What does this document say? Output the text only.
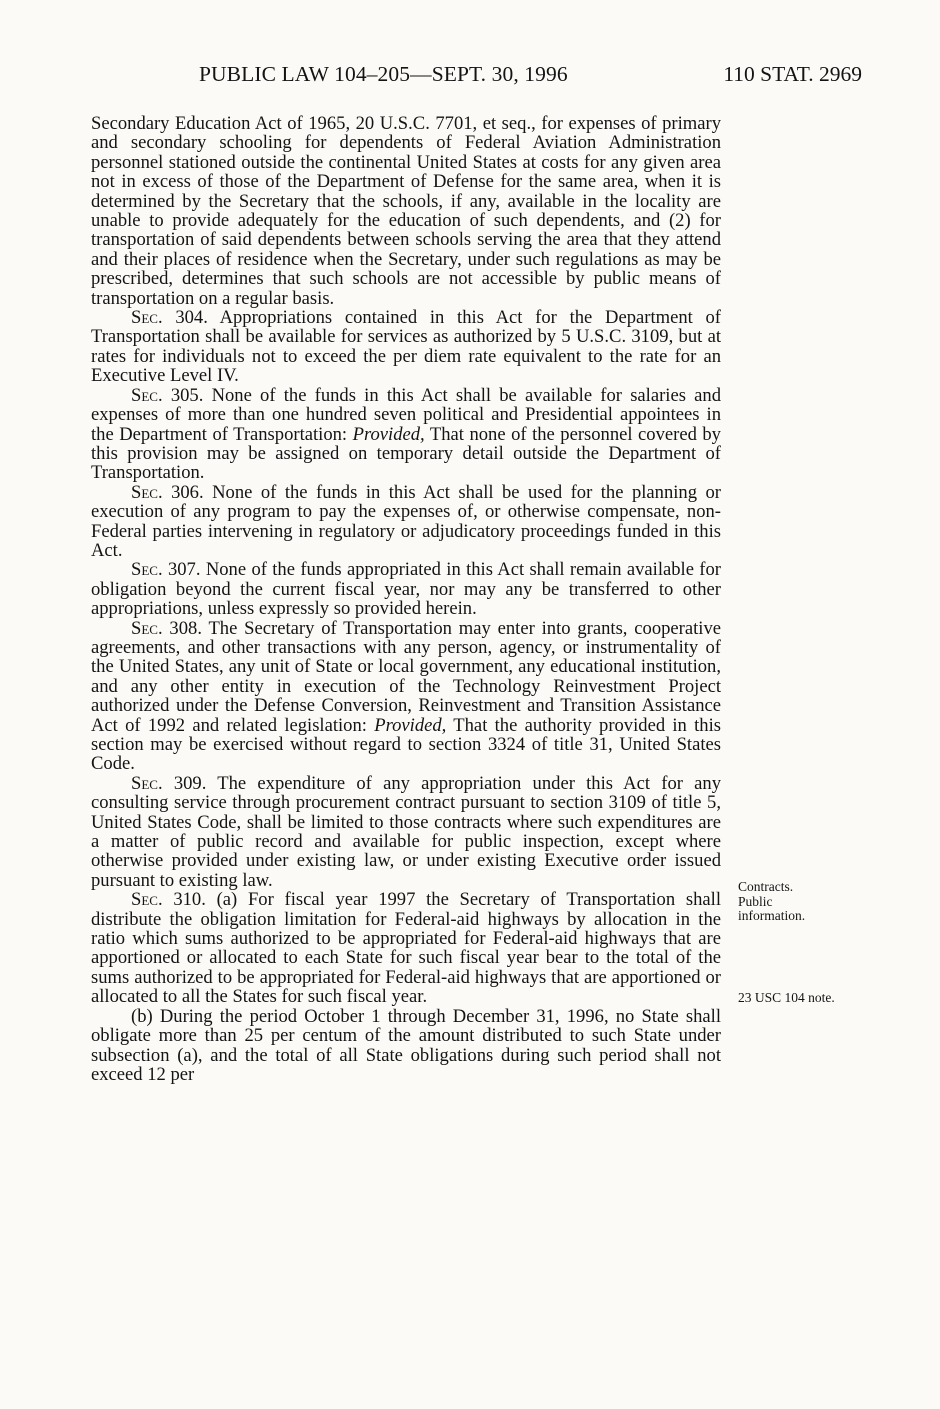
PUBLIC LAW 104–205—SEPT. 30, 1996	110 STAT. 2969

Secondary Education Act of 1965, 20 U.S.C. 7701, et seq., for expenses of primary and secondary schooling for dependents of Federal Aviation Administration personnel stationed outside the continental United States at costs for any given area not in excess of those of the Department of Defense for the same area, when it is determined by the Secretary that the schools, if any, available in the locality are unable to provide adequately for the education of such dependents, and (2) for transportation of said dependents between schools serving the area that they attend and their places of residence when the Secretary, under such regulations as may be prescribed, determines that such schools are not accessible by public means of transportation on a regular basis.

Sec. 304. Appropriations contained in this Act for the Department of Transportation shall be available for services as authorized by 5 U.S.C. 3109, but at rates for individuals not to exceed the per diem rate equivalent to the rate for an Executive Level IV.

Sec. 305. None of the funds in this Act shall be available for salaries and expenses of more than one hundred seven political and Presidential appointees in the Department of Transportation: Provided, That none of the personnel covered by this provision may be assigned on temporary detail outside the Department of Transportation.

Sec. 306. None of the funds in this Act shall be used for the planning or execution of any program to pay the expenses of, or otherwise compensate, non-Federal parties intervening in regulatory or adjudicatory proceedings funded in this Act.

Sec. 307. None of the funds appropriated in this Act shall remain available for obligation beyond the current fiscal year, nor may any be transferred to other appropriations, unless expressly so provided herein.

Sec. 308. The Secretary of Transportation may enter into grants, cooperative agreements, and other transactions with any person, agency, or instrumentality of the United States, any unit of State or local government, any educational institution, and any other entity in execution of the Technology Reinvestment Project authorized under the Defense Conversion, Reinvestment and Transition Assistance Act of 1992 and related legislation: Provided, That the authority provided in this section may be exercised without regard to section 3324 of title 31, United States Code.

Sec. 309. The expenditure of any appropriation under this Act for any consulting service through procurement contract pursuant to section 3109 of title 5, United States Code, shall be limited to those contracts where such expenditures are a matter of public record and available for public inspection, except where otherwise provided under existing law, or under existing Executive order issued pursuant to existing law.

Sec. 310. (a) For fiscal year 1997 the Secretary of Transportation shall distribute the obligation limitation for Federal-aid highways by allocation in the ratio which sums authorized to be appropriated for Federal-aid highways that are apportioned or allocated to each State for such fiscal year bear to the total of the sums authorized to be appropriated for Federal-aid highways that are apportioned or allocated to all the States for such fiscal year.

(b) During the period October 1 through December 31, 1996, no State shall obligate more than 25 per centum of the amount distributed to such State under subsection (a), and the total of all State obligations during such period shall not exceed 12 per

Contracts.
Public
information.
23 USC 104 note.
